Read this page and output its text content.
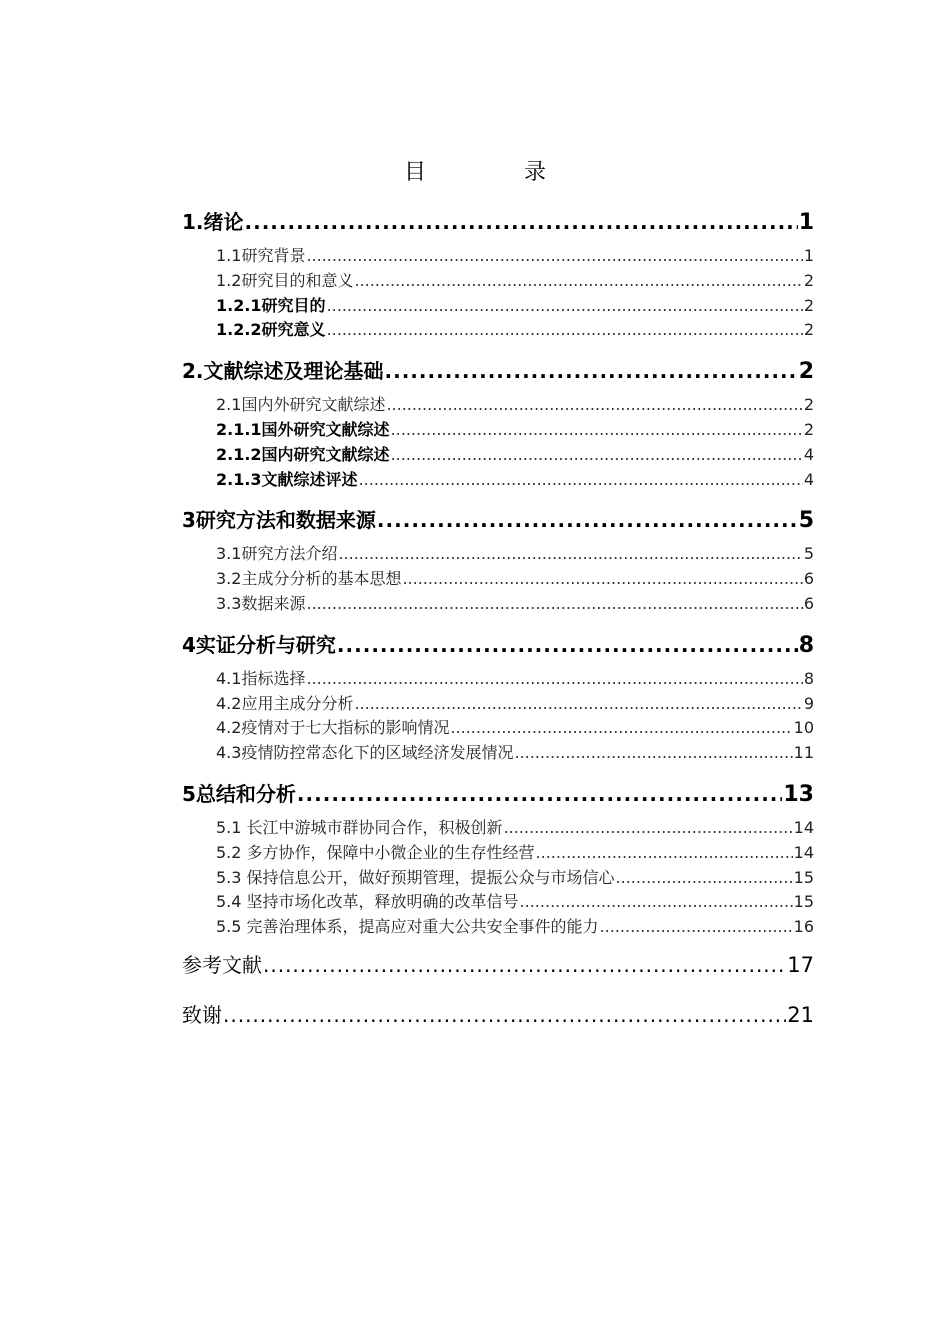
目　录
1.绪论 .....	1
1.1研究背景 .....	1
1.2研究目的和意义 .....	2
1.2.1研究目的 .....	2
1.2.2研究意义 .....	2
2.文献综述及理论基础 .....	2
2.1国内外研究文献综述 .....	2
2.1.1国外研究文献综述 .....	2
2.1.2国内研究文献综述 .....	4
2.1.3文献综述评述 .....	4
3研究方法和数据来源 .....	5
3.1研究方法介绍 .....	5
3.2主成分分析的基本思想 .....	6
3.3数据来源 .....	6
4实证分析与研究 .....	8
4.1指标选择 .....	8
4.2应用主成分分析 .....	9
4.2疫情对于七大指标的影响情况 .....	10
4.3疫情防控常态化下的区域经济发展情况 .....	11
5总结和分析 .....	13
5.1 长江中游城市群协同合作，积极创新 .....	14
5.2 多方协作，保障中小微企业的生存性经营 .....	14
5.3 保持信息公开，做好预期管理，提振公众与市场信心 .....	15
5.4 坚持市场化改革，释放明确的改革信号 .....	15
5.5 完善治理体系，提高应对重大公共安全事件的能力 .....	16
参考文献 .....	17
致谢 .....	21
